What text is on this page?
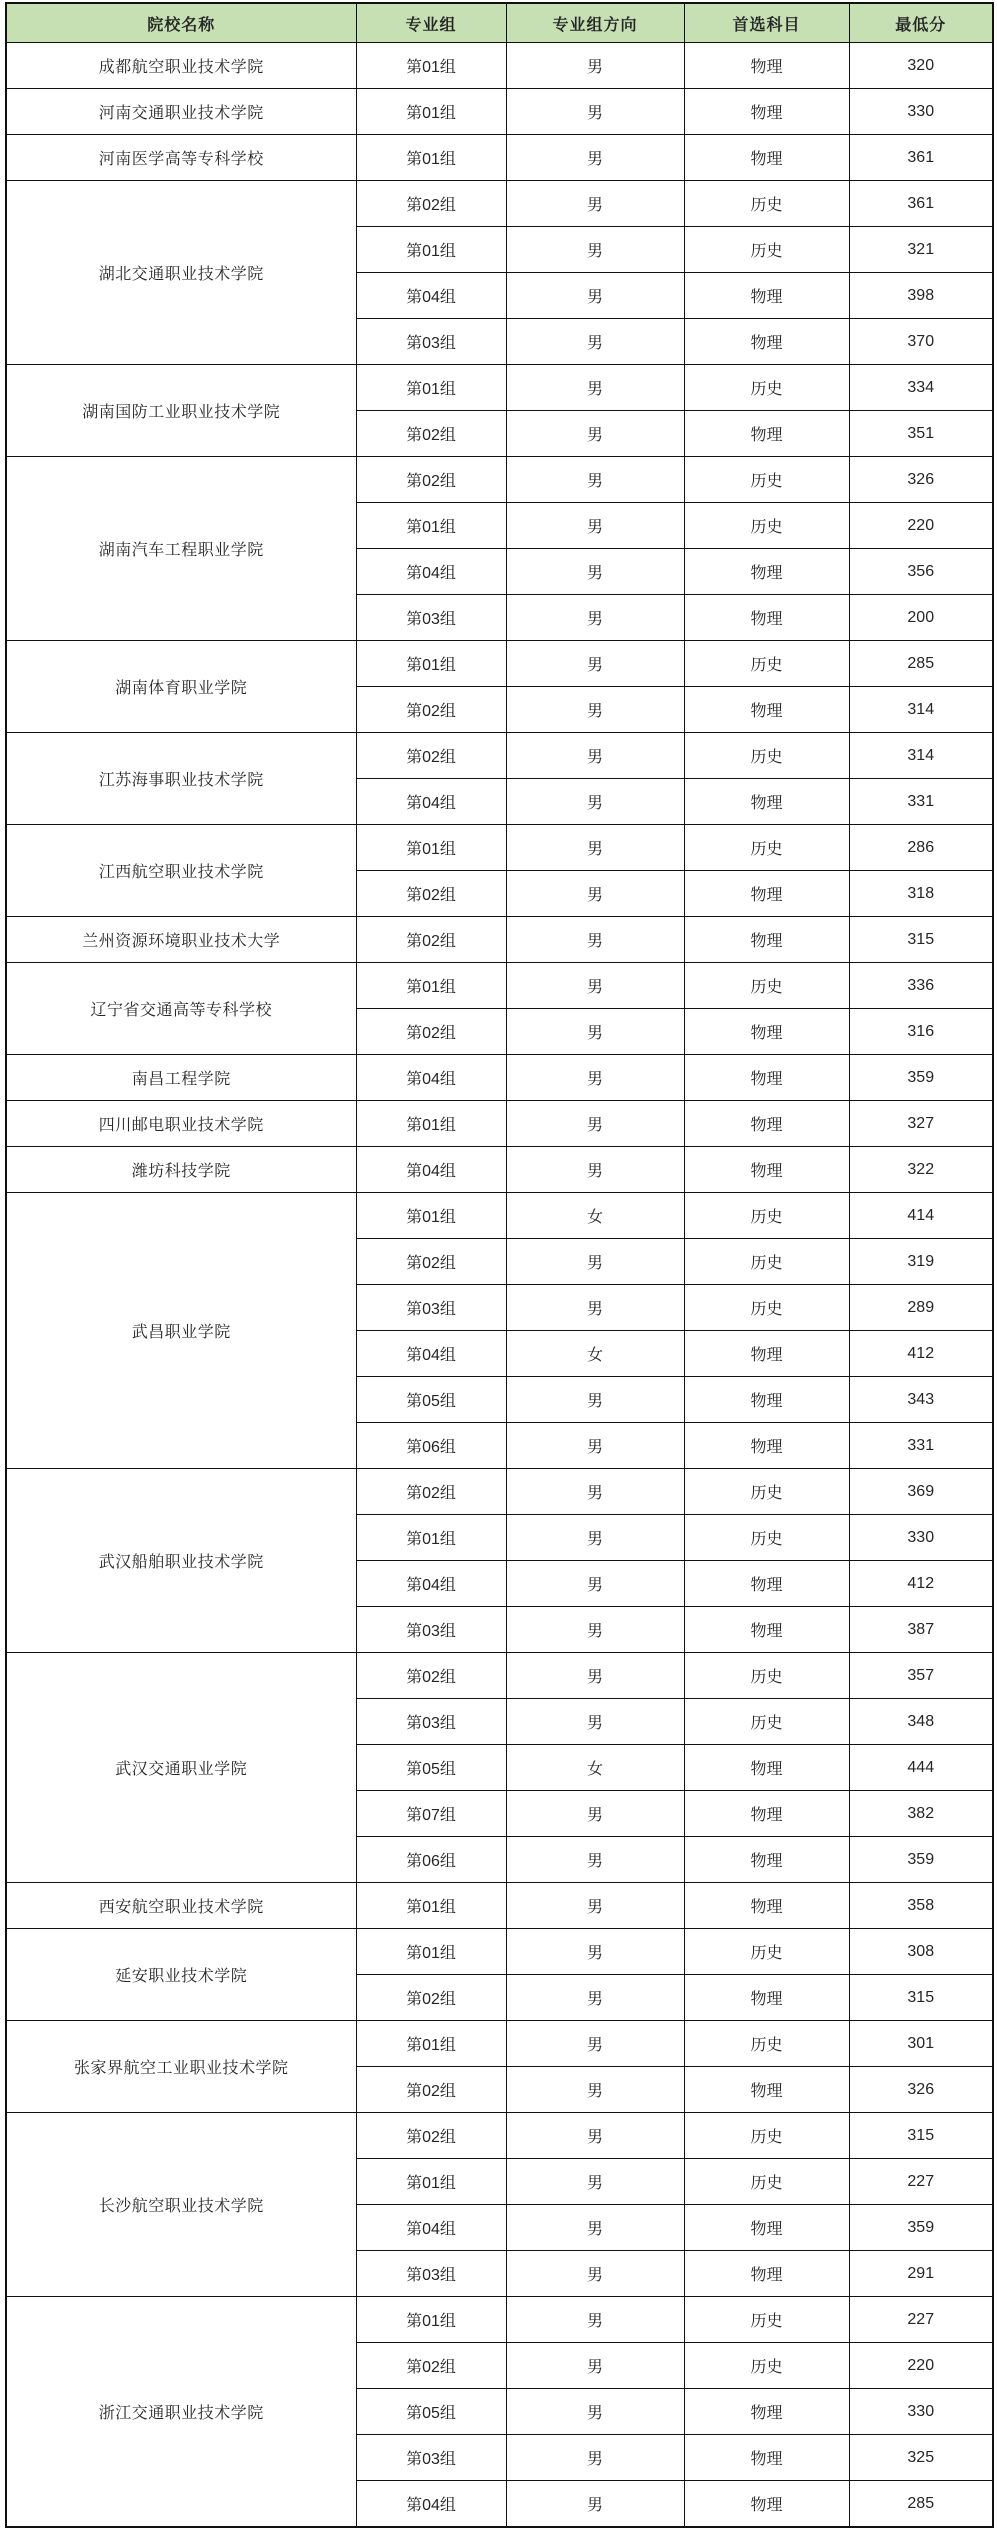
院校名称	专业组	专业组方向	首选科目	最低分
成都航空职业技术学院	第01组	男	物理	320
河南交通职业技术学院	第01组	男	物理	330
河南医学高等专科学校	第01组	男	物理	361
湖北交通职业技术学院	第02组	男	历史	361
	第01组	男	历史	321
	第04组	男	物理	398
	第03组	男	物理	370
湖南国防工业职业技术学院	第01组	男	历史	334
	第02组	男	物理	351
湖南汽车工程职业学院	第02组	男	历史	326
	第01组	男	历史	220
	第04组	男	物理	356
	第03组	男	物理	200
湖南体育职业学院	第01组	男	历史	285
	第02组	男	物理	314
江苏海事职业技术学院	第02组	男	历史	314
	第04组	男	物理	331
江西航空职业技术学院	第01组	男	历史	286
	第02组	男	物理	318
兰州资源环境职业技术大学	第02组	男	物理	315
辽宁省交通高等专科学校	第01组	男	历史	336
	第02组	男	物理	316
南昌工程学院	第04组	男	物理	359
四川邮电职业技术学院	第01组	男	物理	327
潍坊科技学院	第04组	男	物理	322
武昌职业学院	第01组	女	历史	414
	第02组	男	历史	319
	第03组	男	历史	289
	第04组	女	物理	412
	第05组	男	物理	343
	第06组	男	物理	331
武汉船舶职业技术学院	第02组	男	历史	369
	第01组	男	历史	330
	第04组	男	物理	412
	第03组	男	物理	387
武汉交通职业学院	第02组	男	历史	357
	第03组	男	历史	348
	第05组	女	物理	444
	第07组	男	物理	382
	第06组	男	物理	359
西安航空职业技术学院	第01组	男	物理	358
延安职业技术学院	第01组	男	历史	308
	第02组	男	物理	315
张家界航空工业职业技术学院	第01组	男	历史	301
	第02组	男	物理	326
长沙航空职业技术学院	第02组	男	历史	315
	第01组	男	历史	227
	第04组	男	物理	359
	第03组	男	物理	291
浙江交通职业技术学院	第01组	男	历史	227
	第02组	男	历史	220
	第05组	男	物理	330
	第03组	男	物理	325
	第04组	男	物理	285
